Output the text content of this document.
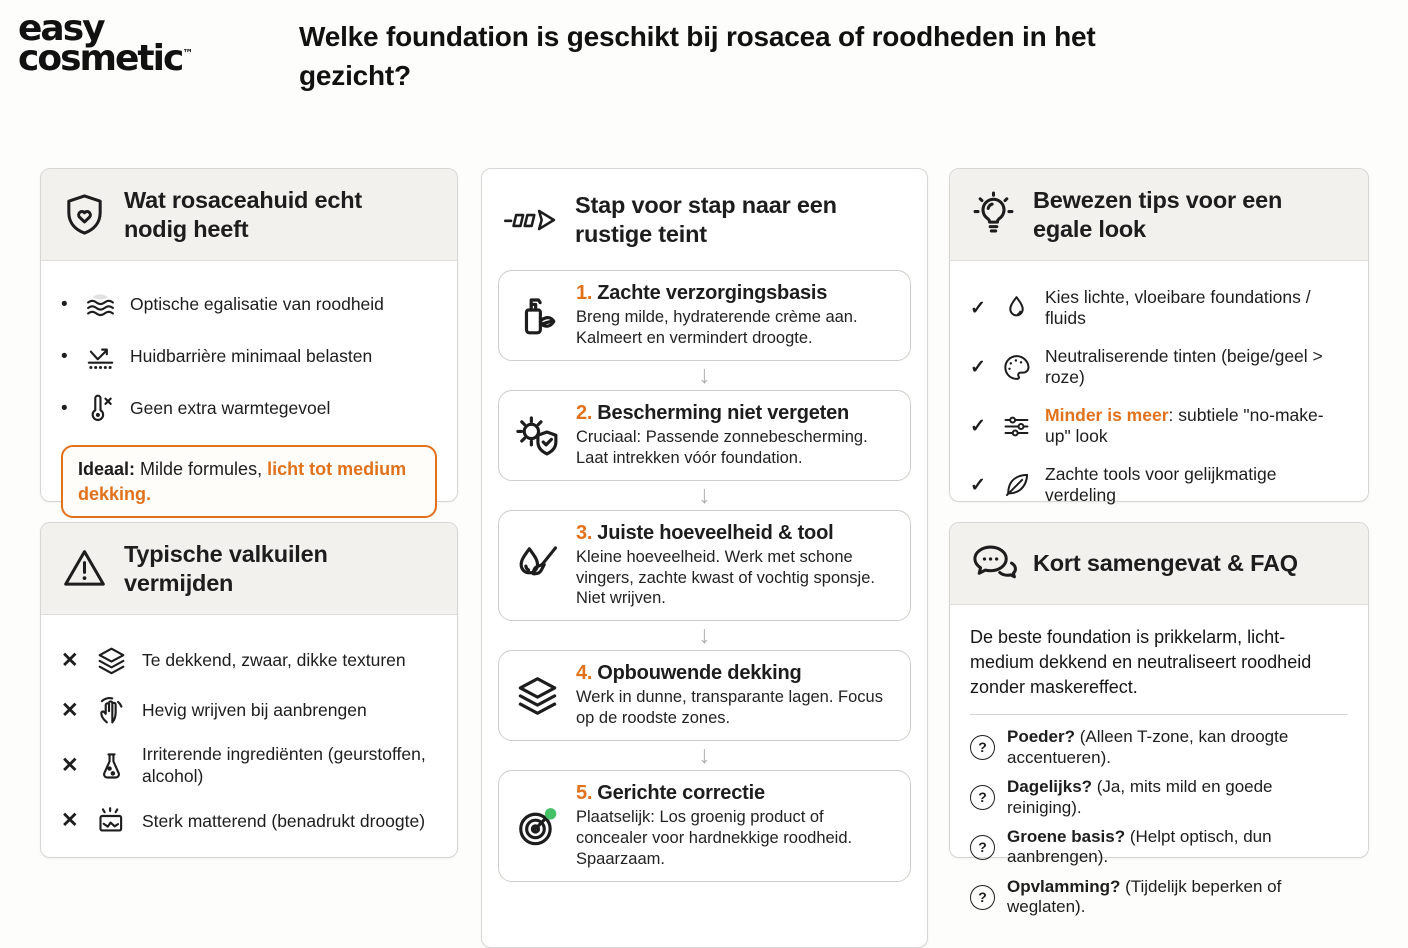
easy
cosmetic™
Welke foundation is geschikt bij rosacea of roodheden in het gezicht?
Wat rosaceahuid echt nodig heeft
•	Optische egalisatie van roodheid
•	Huidbarrière minimaal belasten
•	Geen extra warmtegevoel
Ideaal: Milde formules, licht tot medium dekking.
Typische valkuilen vermijden
✕	Te dekkend, zwaar, dikke texturen
✕	Hevig wrijven bij aanbrengen
✕	Irriterende ingrediënten (geurstoffen, alcohol)
✕	Sterk matterend (benadrukt droogte)
Stap voor stap naar een rustige teint
1. Zachte verzorgingsbasis
Breng milde, hydraterende crème aan. Kalmeert en vermindert droogte.
↓
2. Bescherming niet vergeten
Cruciaal: Passende zonnebescherming. Laat intrekken vóór foundation.
↓
3. Juiste hoeveelheid & tool
Kleine hoeveelheid. Werk met schone vingers, zachte kwast of vochtig sponsje. Niet wrijven.
↓
4. Opbouwende dekking
Werk in dunne, transparante lagen. Focus op de roodste zones.
↓
5. Gerichte correctie
Plaatselijk: Los groenig product of concealer voor hardnekkige roodheid. Spaarzaam.
Bewezen tips voor een egale look
✓
Kies lichte, vloeibare foundations / fluids
✓
Neutraliserende tinten (beige/geel > roze)
✓
Minder is meer: subtiele "no-make-up" look
✓
Zachte tools voor gelijkmatige verdeling
Kort samengevat & FAQ

De beste foundation is prikkelarm, licht-medium dekkend en neutraliseert roodheid zonder maskereffect.

?
Poeder? (Alleen T-zone, kan droogte accentueren).
?
Dagelijks? (Ja, mits mild en goede reiniging).
?
Groene basis? (Helpt optisch, dun aanbrengen).
?
Opvlamming? (Tijdelijk beperken of weglaten).
